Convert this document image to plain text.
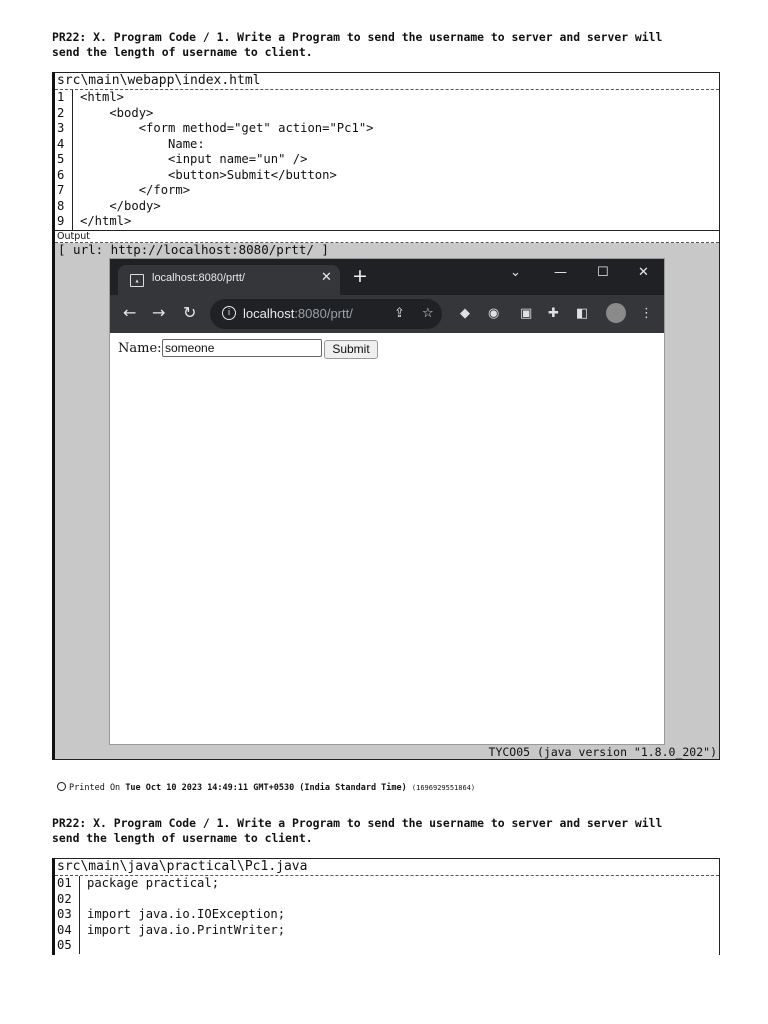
PR22: X. Program Code / 1. Write a Program to send the username to server and server will
send the length of username to client.
src\main\webapp\index.html
1	<html>
2	<body>
3	<form method="get" action="Pc1">
4	Name:
5	<input name="un" />
6	<button>Submit</button>
7	</form>
8	</body>
9	</html>
Output
[ url: http://localhost:8080/prtt/ ]
▴	localhost:8080/prtt/	✕ +	⌄	— ☐ ✕
← → ↻	i localhost:8080/prtt/	⇪ ☆ ◆ ◉ ▣ ✚ ◧	⋮
Name: someone	Submit
TYCO05 (java version "1.8.0_202")
Printed On Tue Oct 10 2023 14:49:11 GMT+0530 (India Standard Time) (1696929551864)
PR22: X. Program Code / 1. Write a Program to send the username to server and server will
send the length of username to client.
src\main\java\practical\Pc1.java
01	package practical;
02
03	import java.io.IOException;
04	import java.io.PrintWriter;
05
